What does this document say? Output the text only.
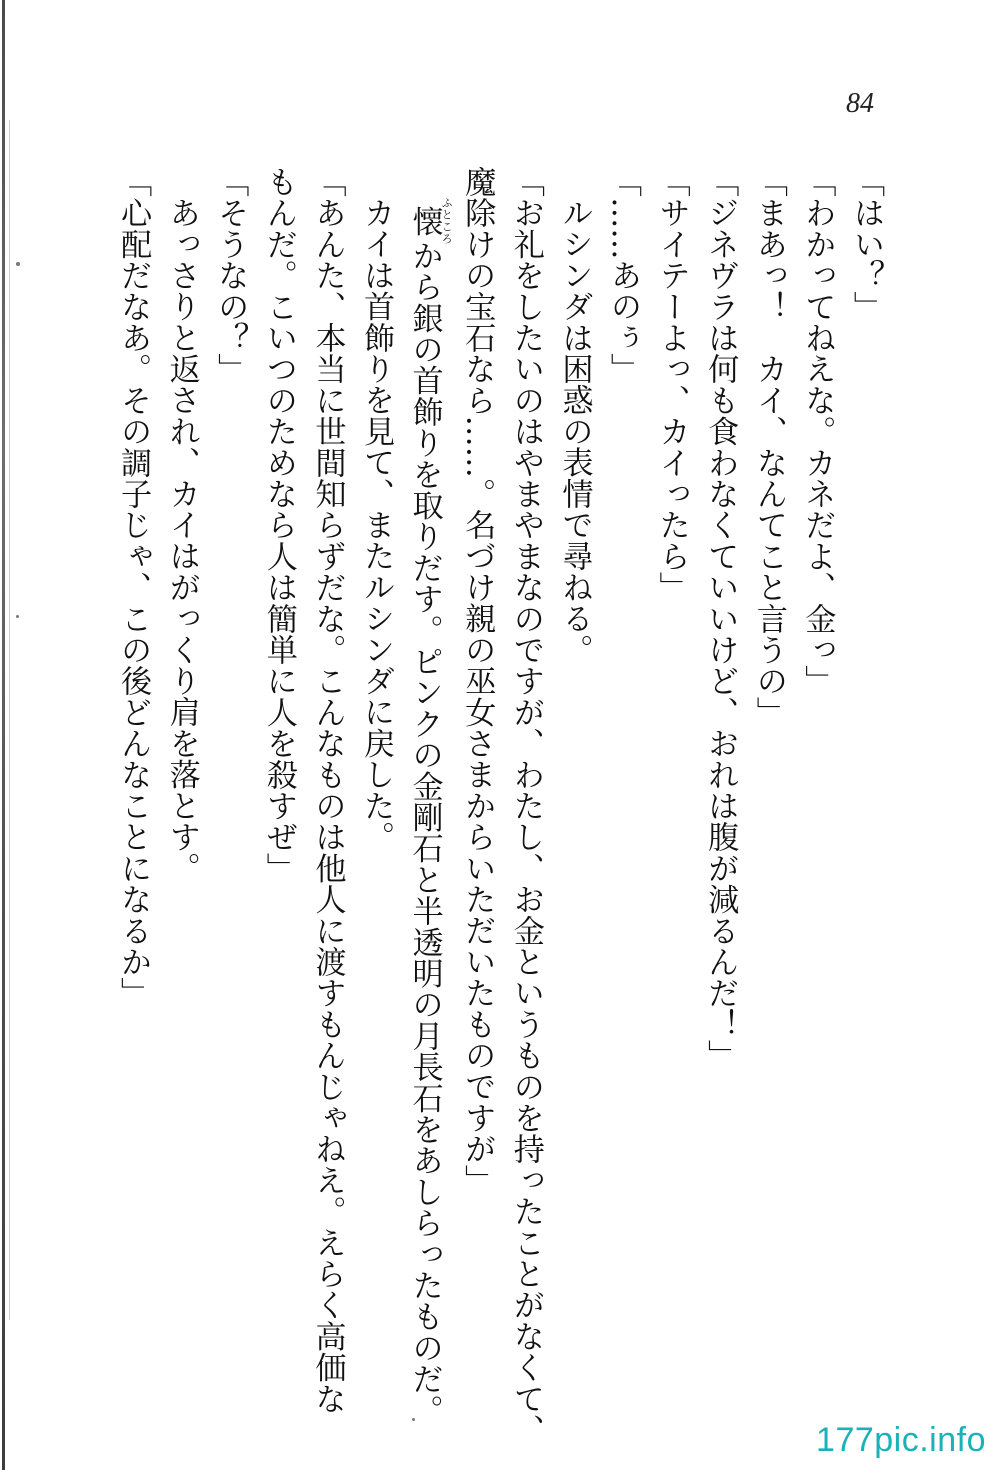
84

「はい？」

「わかってねえな。カネだよ、金っ」

「まあっ！　カイ、なんてこと言うの」

「ジネヴラは何も食わなくていいけど、おれは腹が減るんだ！」

「サイテーよっ、カイったら」

「……あのぅ」

ルシンダは困惑の表情で尋ねる。

「お礼をしたいのはやまやまなのですが、わたし、お金というものを持ったことがなくて、

魔除けの宝石なら……。名づけ親の巫女さまからいただいたものですが」

懐ふところから銀の首飾りを取りだす。ピンクの金剛石と半透明の月長石をあしらったものだ。

カイは首飾りを見て、またルシンダに戻した。

「あんた、本当に世間知らずだな。こんなものは他人に渡すもんじゃねえ。えらく高価な

もんだ。こいつのためなら人は簡単に人を殺すぜ」

「そうなの？」

あっさりと返され、カイはがっくり肩を落とす。

「心配だなあ。その調子じゃ、この後どんなことになるか」

177pic.info
